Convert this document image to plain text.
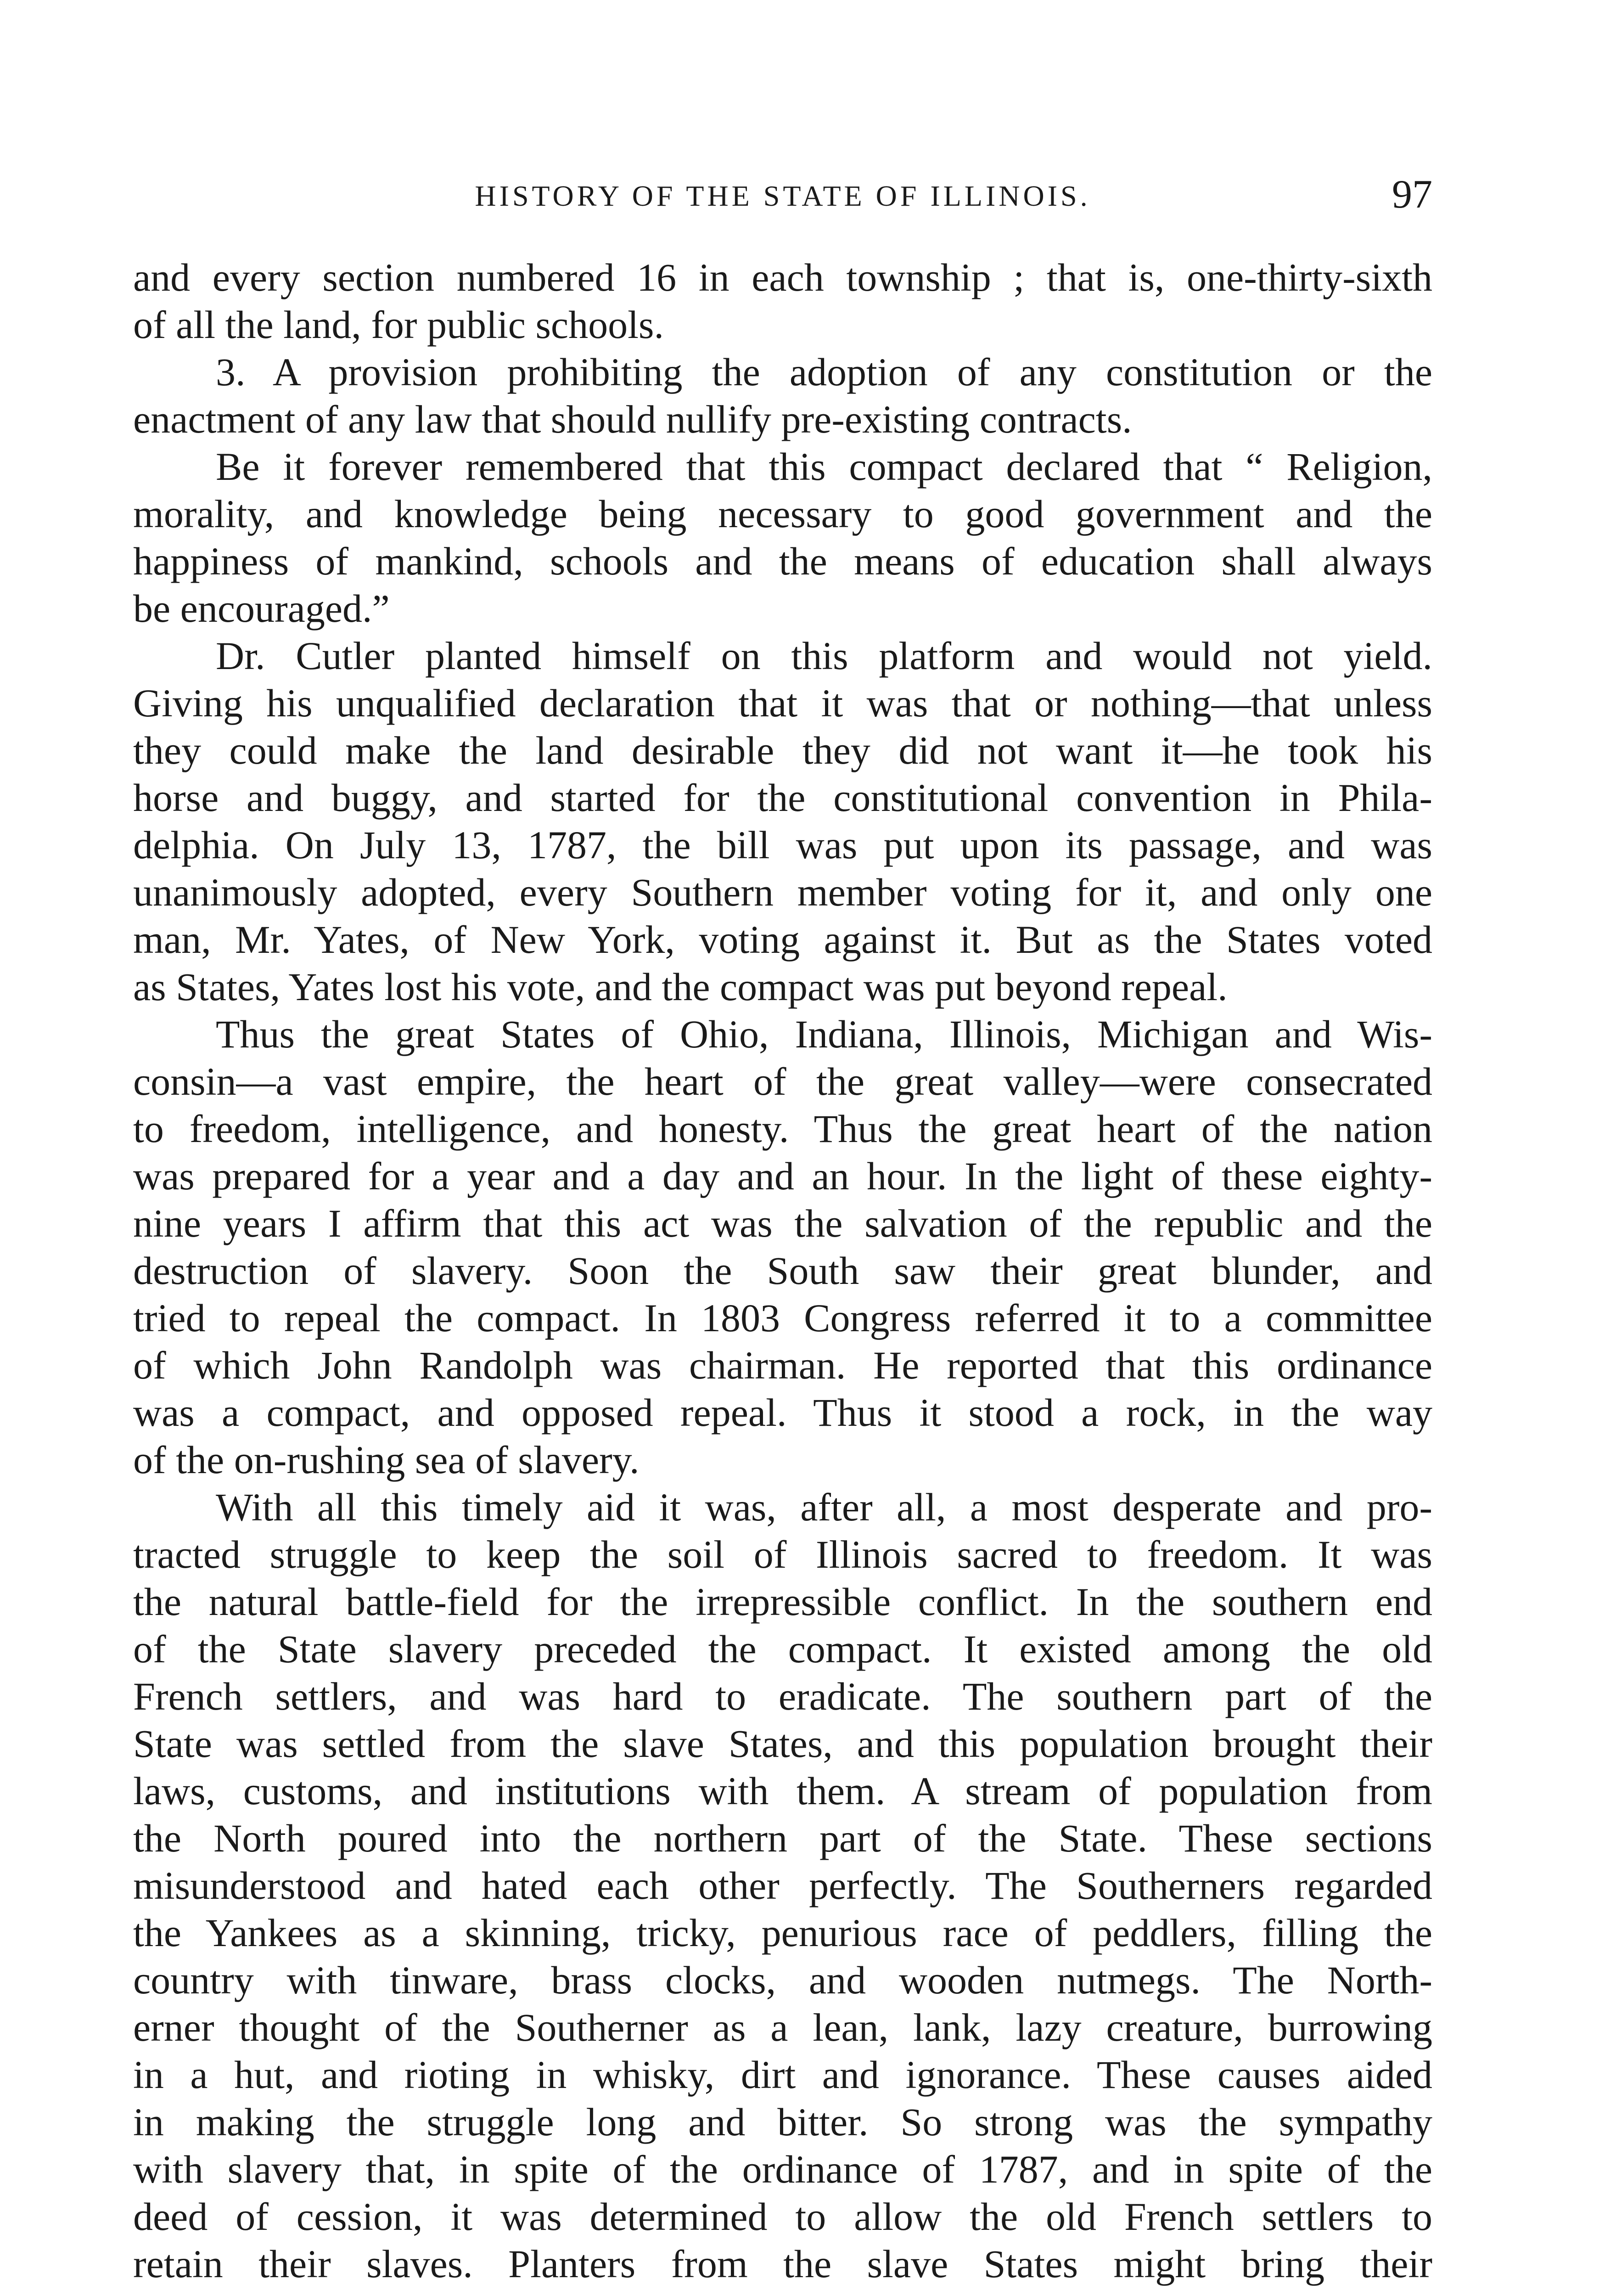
HISTORY OF THE STATE OF ILLINOIS.	97
and every section numbered 16 in each township ; that is, one-thirty-sixth
of all the land, for public schools.
3. A provision prohibiting the adoption of any constitution or the
enactment of any law that should nullify pre-existing contracts.
Be it forever remembered that this compact declared that “ Religion,
morality, and knowledge being necessary to good government and the
happiness of mankind, schools and the means of education shall always
be encouraged.”
Dr. Cutler planted himself on this platform and would not yield.
Giving his unqualified declaration that it was that or nothing—that unless
they could make the land desirable they did not want it—he took his
horse and buggy, and started for the constitutional convention in Phila-
delphia. On July 13, 1787, the bill was put upon its passage, and was
unanimously adopted, every Southern member voting for it, and only one
man, Mr. Yates, of New York, voting against it. But as the States voted
as States, Yates lost his vote, and the compact was put beyond repeal.
Thus the great States of Ohio, Indiana, Illinois, Michigan and Wis-
consin—a vast empire, the heart of the great valley—were consecrated
to freedom, intelligence, and honesty. Thus the great heart of the nation
was prepared for a year and a day and an hour. In the light of these eighty-
nine years I affirm that this act was the salvation of the republic and the
destruction of slavery. Soon the South saw their great blunder, and
tried to repeal the compact. In 1803 Congress referred it to a committee
of which John Randolph was chairman. He reported that this ordinance
was a compact, and opposed repeal. Thus it stood a rock, in the way
of the on-rushing sea of slavery.
With all this timely aid it was, after all, a most desperate and pro-
tracted struggle to keep the soil of Illinois sacred to freedom. It was
the natural battle-field for the irrepressible conflict. In the southern end
of the State slavery preceded the compact. It existed among the old
French settlers, and was hard to eradicate. The southern part of the
State was settled from the slave States, and this population brought their
laws, customs, and institutions with them. A stream of population from
the North poured into the northern part of the State. These sections
misunderstood and hated each other perfectly. The Southerners regarded
the Yankees as a skinning, tricky, penurious race of peddlers, filling the
country with tinware, brass clocks, and wooden nutmegs. The North-
erner thought of the Southerner as a lean, lank, lazy creature, burrowing
in a hut, and rioting in whisky, dirt and ignorance. These causes aided
in making the struggle long and bitter. So strong was the sympathy
with slavery that, in spite of the ordinance of 1787, and in spite of the
deed of cession, it was determined to allow the old French settlers to
retain their slaves. Planters from the slave States might bring their
